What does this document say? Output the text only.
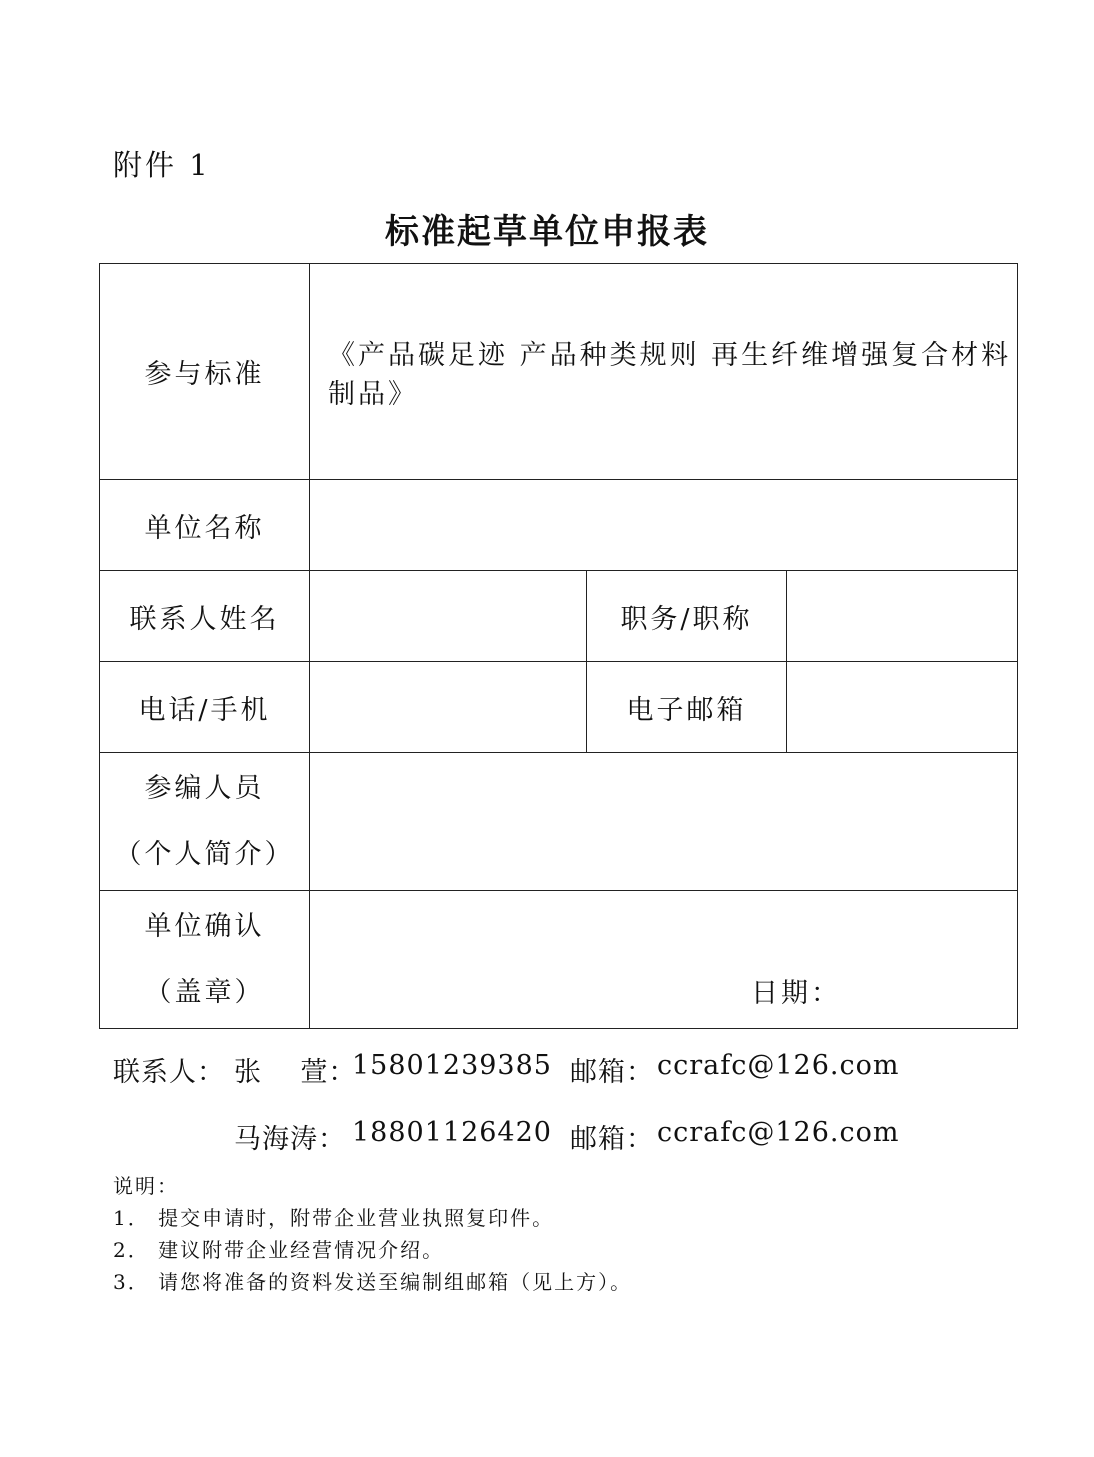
附件 1
标准起草单位申报表
参与标准	《产品碳足迹 产品种类规则 再生纤维增强复合材料制品》		
单位名称			
联系人姓名		职务/职称	
电话/手机		电子邮箱	

参编人员
（个人简介）			

单位确认
（盖章）	日期：		
联系人： 张    萱：
15801239385 邮箱： ccrafc@126.com
马海涛： 18801126420 邮箱： ccrafc@126.com
说明：
1． 提交申请时，附带企业营业执照复印件。
2． 建议附带企业经营情况介绍。
3． 请您将准备的资料发送至编制组邮箱（见上方）。
